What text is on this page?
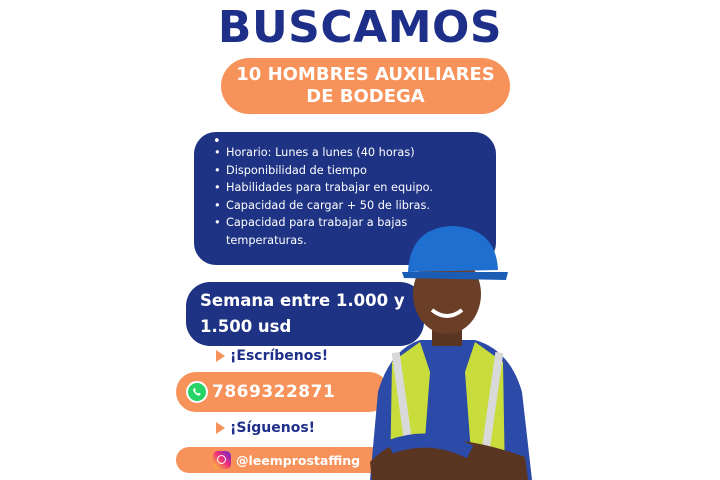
BUSCAMOS
10 HOMBRES AUXILIARES
DE BODEGA
•
• Horario: Lunes a lunes (40 horas)
• Disponibilidad de tiempo
• Habilidades para trabajar en equipo.
• Capacidad de cargar + 50 de libras.
• Capacidad para trabajar a bajas temperaturas.
Semana entre 1.000 y
1.500 usd
¡Escríbenos!
7869322871
¡Síguenos!
@leemprostaffing
